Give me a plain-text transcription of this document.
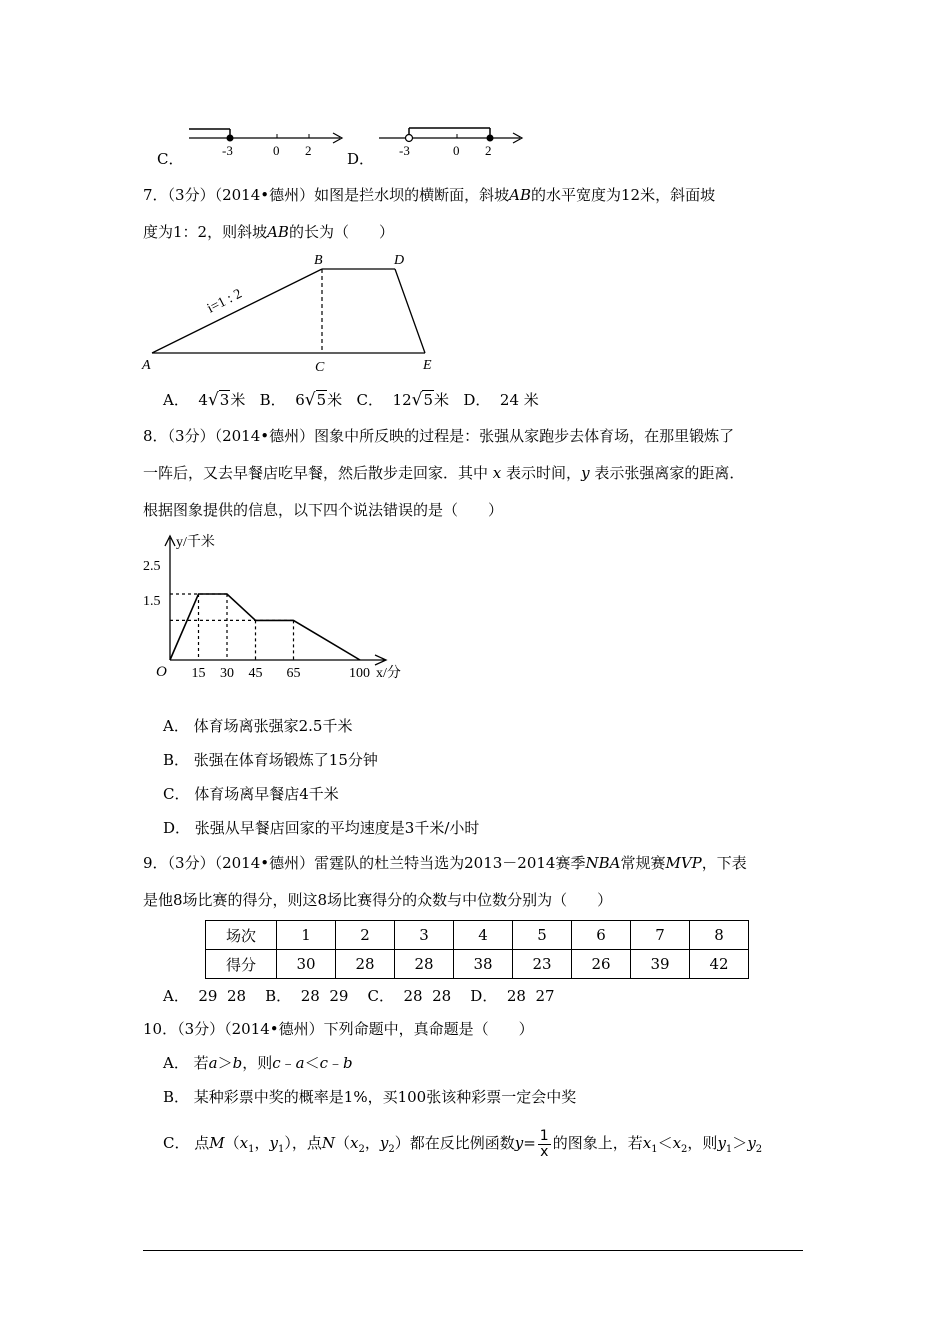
C．	-3	0 2 D． -3	0 2
7．（3分）（2014•德州）如图是拦水坝的横断面，斜坡AB的水平宽度为12米，斜面坡
度为1：2，则斜坡AB的长为（　　）
A
B
C
D
E
i=1 : 2
A． 4√3米 B． 6√5米 C． 12√5米 D． 24 米
8．（3分）（2014•德州）图象中所反映的过程是：张强从家跑步去体育场，在那里锻炼了
一阵后，又去早餐店吃早餐，然后散步走回家．其中 x 表示时间，y 表示张强离家的距离．
根据图象提供的信息，以下四个说法错误的是（　　）
y/千米
x/分
O
2.5
1.5
15 30 45 65	100
A． 体育场离张强家2.5千米
B． 张强在体育场锻炼了15分钟
C． 体育场离早餐店4千米
D． 张强从早餐店回家的平均速度是3千米/小时
9．（3分）（2014•德州）雷霆队的杜兰特当选为2013－2014赛季NBA常规赛MVP，下表
是他8场比赛的得分，则这8场比赛得分的众数与中位数分别为（　　）
场次	1	2	3	4	5	6	7	8
得分	30	28	28	38	23	26	39	42
A．  29  28    B．  28  29    C．  28  28    D．  28  27
10．（3分）（2014•德州）下列命题中，真命题是（　　）
A． 若a＞b，则c﹣a＜c﹣b
B． 某种彩票中奖的概率是1%，买100张该种彩票一定会中奖
C． 点$M(x_1$，$y_1$），点$N(x_2$，$y_2$）都在反比例函数$y= \frac{1}{x}$ 的图象上，若$x_1<x_2$，则$y_1>y_2$
